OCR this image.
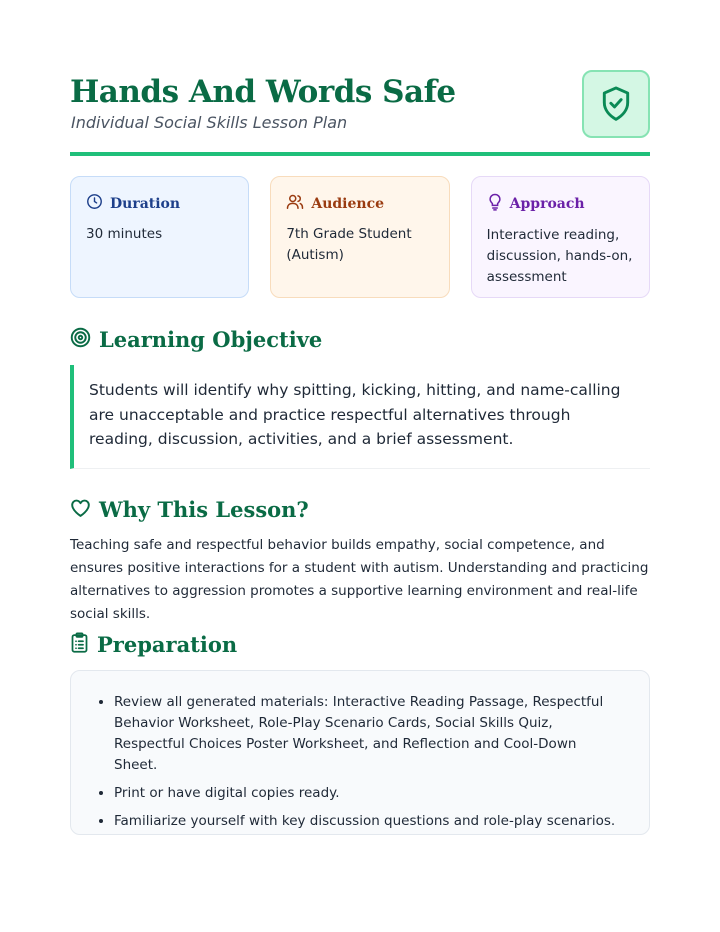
Hands And Words Safe
Individual Social Skills Lesson Plan
Duration
30 minutes
Audience
7th Grade Student (Autism)
Approach
Interactive reading, discussion, hands-on, assessment
Learning Objective

Students will identify why spitting, kicking, hitting, and name-calling are unacceptable and practice respectful alternatives through reading, discussion, activities, and a brief assessment.

Why This Lesson?
Teaching safe and respectful behavior builds empathy, social competence, and ensures positive interactions for a student with autism. Understanding and practicing alternatives to aggression promotes a supportive learning environment and real-life social skills.
Preparation
• Review all generated materials: Interactive Reading Passage, Respectful Behavior Worksheet, Role-Play Scenario Cards, Social Skills Quiz, Respectful Choices Poster Worksheet, and Reflection and Cool-Down Sheet.
• Print or have digital copies ready.
• Familiarize yourself with key discussion questions and role-play scenarios.
